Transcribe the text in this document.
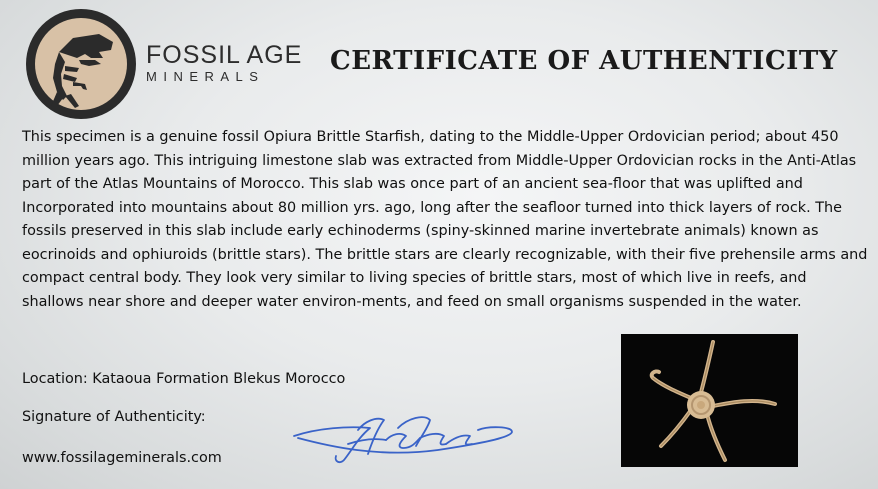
FOSSIL AGE
MINERALS
CERTIFICATE OF AUTHENTICITY

This specimen is a genuine fossil Opiura Brittle Starfish, dating to the Middle-Upper Ordovician period; about 450 million years ago. This intriguing limestone slab was extracted from Middle-Upper Ordovician rocks in the Anti-Atlas part of the Atlas Mountains of Morocco. This slab was once part of an ancient sea-floor that was uplifted and Incorporated into mountains about 80 million yrs. ago, long after the seafloor turned into thick layers of rock. The fossils preserved in this slab include early echinoderms (spiny-skinned marine invertebrate animals) known as eocrinoids and ophiuroids (brittle stars). The brittle stars are clearly recognizable, with their five prehensile arms and compact central body. They look very similar to living species of brittle stars, most of which live in reefs, and shallows near shore and deeper water environ-ments, and feed on small organisms suspended in the water.

Location: Kataoua Formation Blekus Morocco
Signature of Authenticity:
www.fossilageminerals.com
